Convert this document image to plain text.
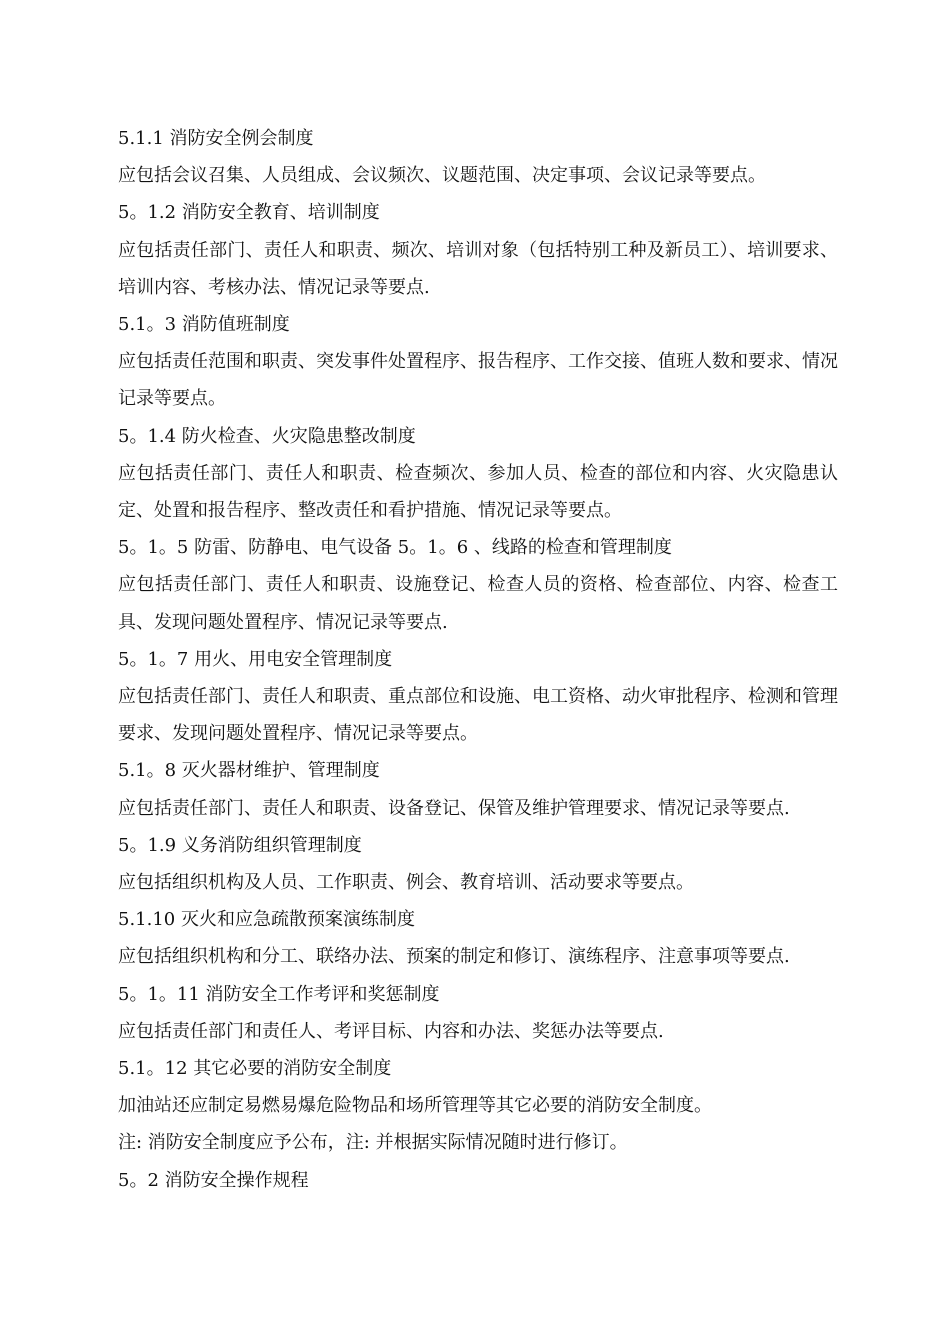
5.1.1 消防安全例会制度
应包括会议召集、人员组成、会议频次、议题范围、决定事项、会议记录等要点。
5。1.2 消防安全教育、培训制度
应包括责任部门、责任人和职责、频次、培训对象（包括特别工种及新员工）、培训要求、培训内容、考核办法、情况记录等要点.
5.1。3 消防值班制度
应包括责任范围和职责、突发事件处置程序、报告程序、工作交接、值班人数和要求、情况记录等要点。
5。1.4 防火检查、火灾隐患整改制度
应包括责任部门、责任人和职责、检查频次、参加人员、检查的部位和内容、火灾隐患认定、处置和报告程序、整改责任和看护措施、情况记录等要点。
5。1。5 防雷、防静电、电气设备 5。1。6 、线路的检查和管理制度
应包括责任部门、责任人和职责、设施登记、检查人员的资格、检查部位、内容、检查工具、发现问题处置程序、情况记录等要点.
5。1。7 用火、用电安全管理制度
应包括责任部门、责任人和职责、重点部位和设施、电工资格、动火审批程序、检测和管理要求、发现问题处置程序、情况记录等要点。
5.1。8 灭火器材维护、管理制度
应包括责任部门、责任人和职责、设备登记、保管及维护管理要求、情况记录等要点.
5。1.9 义务消防组织管理制度
应包括组织机构及人员、工作职责、例会、教育培训、活动要求等要点。
5.1.10 灭火和应急疏散预案演练制度
应包括组织机构和分工、联络办法、预案的制定和修订、演练程序、注意事项等要点.
5。1。11 消防安全工作考评和奖惩制度
应包括责任部门和责任人、考评目标、内容和办法、奖惩办法等要点.
5.1。12 其它必要的消防安全制度
加油站还应制定易燃易爆危险物品和场所管理等其它必要的消防安全制度。
注: 消防安全制度应予公布，注: 并根据实际情况随时进行修订。
5。2 消防安全操作规程
